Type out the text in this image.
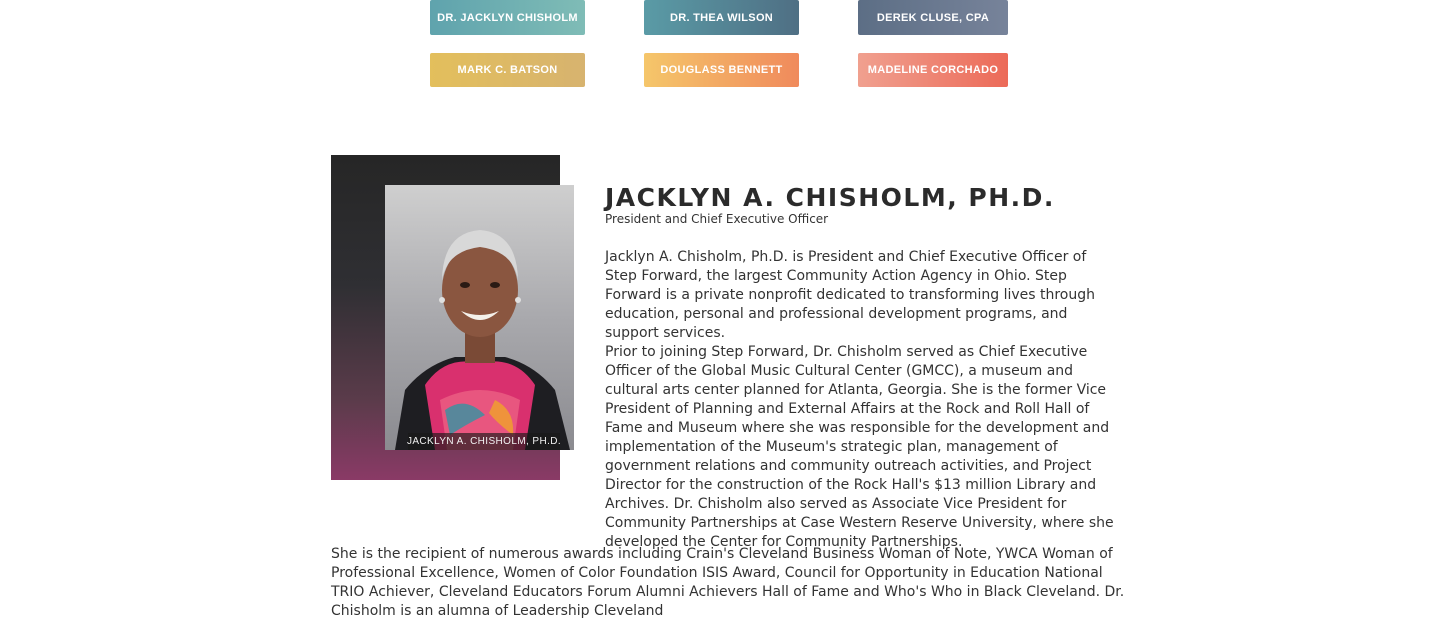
DR. JACKLYN CHISHOLM	DR. THEA WILSON	DEREK CLUSE, CPA
MARK C. BATSON	DOUGLASS BENNETT	MADELINE CORCHADO
JACKLYN A. CHISHOLM, PH.D.
JACKLYN A. CHISHOLM, PH.D.
President and Chief Executive Officer

Jacklyn A. Chisholm, Ph.D. is President and Chief Executive Officer of Step Forward, the largest Community Action Agency in Ohio. Step Forward is a private nonprofit dedicated to transforming lives through education, personal and professional development programs, and support services.

Prior to joining Step Forward, Dr. Chisholm served as Chief Executive Officer of the Global Music Cultural Center (GMCC), a museum and cultural arts center planned for Atlanta, Georgia. She is the former Vice President of Planning and External Affairs at the Rock and Roll Hall of Fame and Museum where she was responsible for the development and implementation of the Museum's strategic plan, management of government relations and community outreach activities, and Project Director for the construction of the Rock Hall's $13 million Library and Archives. Dr. Chisholm also served as Associate Vice President for Community Partnerships at Case Western Reserve University, where she developed the Center for Community Partnerships.

She is the recipient of numerous awards including Crain's Cleveland Business Woman of Note, YWCA Woman of Professional Excellence, Women of Color Foundation ISIS Award, Council for Opportunity in Education National TRIO Achiever, Cleveland Educators Forum Alumni Achievers Hall of Fame and Who's Who in Black Cleveland. Dr. Chisholm is an alumna of Leadership Cleveland
